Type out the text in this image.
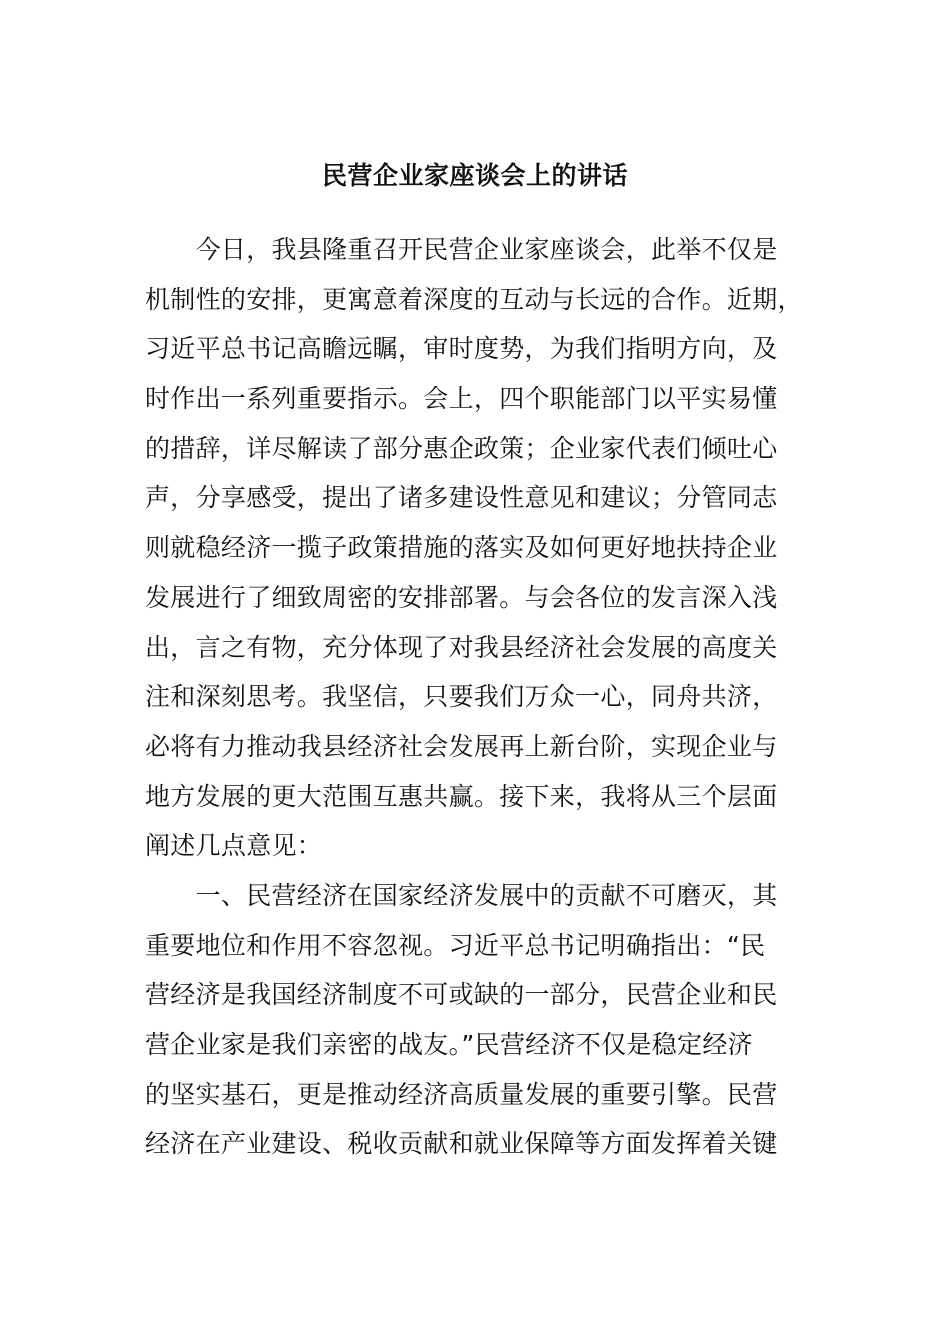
民营企业家座谈会上的讲话
　　今日，我县隆重召开民营企业家座谈会，此举不仅是
机制性的安排，更寓意着深度的互动与长远的合作。近期，
习近平总书记高瞻远瞩，审时度势，为我们指明方向，及
时作出一系列重要指示。会上，四个职能部门以平实易懂
的措辞，详尽解读了部分惠企政策；企业家代表们倾吐心
声，分享感受，提出了诸多建设性意见和建议；分管同志
则就稳经济一揽子政策措施的落实及如何更好地扶持企业
发展进行了细致周密的安排部署。与会各位的发言深入浅
出，言之有物，充分体现了对我县经济社会发展的高度关
注和深刻思考。我坚信，只要我们万众一心，同舟共济，
必将有力推动我县经济社会发展再上新台阶，实现企业与
地方发展的更大范围互惠共赢。接下来，我将从三个层面
阐述几点意见：
　　一、民营经济在国家经济发展中的贡献不可磨灭，其
重要地位和作用不容忽视。习近平总书记明确指出：“民
营经济是我国经济制度不可或缺的一部分，民营企业和民
营企业家是我们亲密的战友。”民营经济不仅是稳定经济
的坚实基石，更是推动经济高质量发展的重要引擎。民营
经济在产业建设、税收贡献和就业保障等方面发挥着关键
